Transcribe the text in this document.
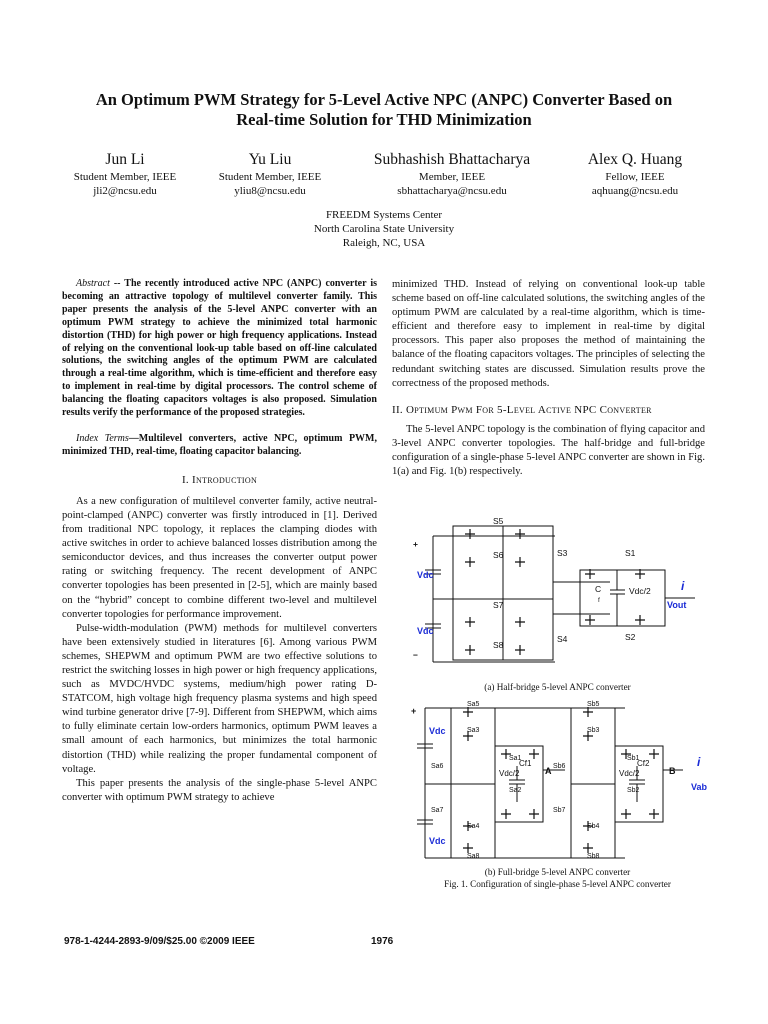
An Optimum PWM Strategy for 5-Level Active NPC (ANPC) Converter Based on
Real-time Solution for THD Minimization
Jun Li
Student Member, IEEE
jli2@ncsu.edu
Yu Liu
Student Member, IEEE
yliu8@ncsu.edu
Subhashish Bhattacharya
Member, IEEE
sbhattacharya@ncsu.edu
Alex Q. Huang
Fellow, IEEE
aqhuang@ncsu.edu
FREEDM Systems Center
North Carolina State University
Raleigh, NC, USA

Abstract -- The recently introduced active NPC (ANPC) converter is becoming an attractive topology of multilevel converter family. This paper presents the analysis of the 5-level ANPC converter with an optimum PWM strategy to achieve the minimized total harmonic distortion (THD) for high power or high frequency applications. Instead of relying on the conventional look-up table based on off-line calculated solutions, the switching angles of the optimum PWM are calculated through a real-time algorithm, which is time-efficient and therefore easy to implement in real-time by digital processors. The control scheme of balancing the floating capacitors voltages is also proposed. Simulation results verify the performance of the proposed strategies.

Index Terms—Multilevel converters, active NPC, optimum PWM, minimized THD, real-time, floating capacitor balancing.

I. Introduction

As a new configuration of multilevel converter family, active neutral-point-clamped (ANPC) converter was firstly introduced in [1]. Derived from traditional NPC topology, it replaces the clamping diodes with active switches in order to achieve balanced losses distribution among the semiconductor devices, and thus increases the converter output power rating or switching frequency. The recent development of ANPC converter topologies has been presented in [2-5], which are mainly based on the “hybrid” concept to combine different two-level and multilevel converter topologies for performance improvement.

Pulse-width-modulation (PWM) methods for multilevel converters have been extensively studied in literatures [6]. Among various PWM schemes, SHEPWM and optimum PWM are two effective solutions to restrict the switching losses in high power or high frequency applications, such as MVDC/HVDC systems, medium/high power rating D-STATCOM, high voltage high frequency plasma systems and high speed wind turbine generator drive [7-9]. Different from SHEPWM, which aims to fully eliminate certain low-orders harmonics, optimum PWM leaves a small amount of each harmonics, but minimizes the total harmonic distortion (THD) while realizing the proper fundamental component of voltage.

This paper presents the analysis of the single-phase 5-level ANPC converter with optimum PWM strategy to achieve

minimized THD. Instead of relying on conventional look-up table scheme based on off-line calculated solutions, the switching angles of the optimum PWM are calculated by a real-time algorithm, which is time-efficient and therefore easy to implement in real-time by digital processors. This paper also proposes the method of maintaining the balance of the floating capacitors voltages. The principles of selecting the redundant switching states are discussed. Simulation results prove the correctness of the proposed methods.

II. Optimum Pwm For 5-Level Active NPC Converter

The 5-level ANPC topology is the combination of flying capacitor and 3-level ANPC converter topologies. The half-bridge and full-bridge configuration of a single-phase 5-level ANPC converter are shown in Fig. 1(a) and Fig. 1(b) respectively.

S5
S6
S7
S8
S3	S1
S4	S2
+
−
C
f
Vdc/2
Vdc
Vdc
Vout
i
(a) Half-bridge 5-level ANPC converter
Sa5
Sa3
Sa6
Sa1
Sa2
Sa4
Sa7
Sa8
Sb5
Sb3
Sb6
Sb1
Sb2
Sb4
Sb7
Sb8
Cf1	Cf2
Vdc/2	Vdc/2
A	B
+
Vdc
Vdc
Vab
i
(b) Full-bridge 5-level ANPC converter
Fig. 1. Configuration of single-phase 5-level ANPC converter
978-1-4244-2893-9/09/$25.00 ©2009 IEEE	1976
